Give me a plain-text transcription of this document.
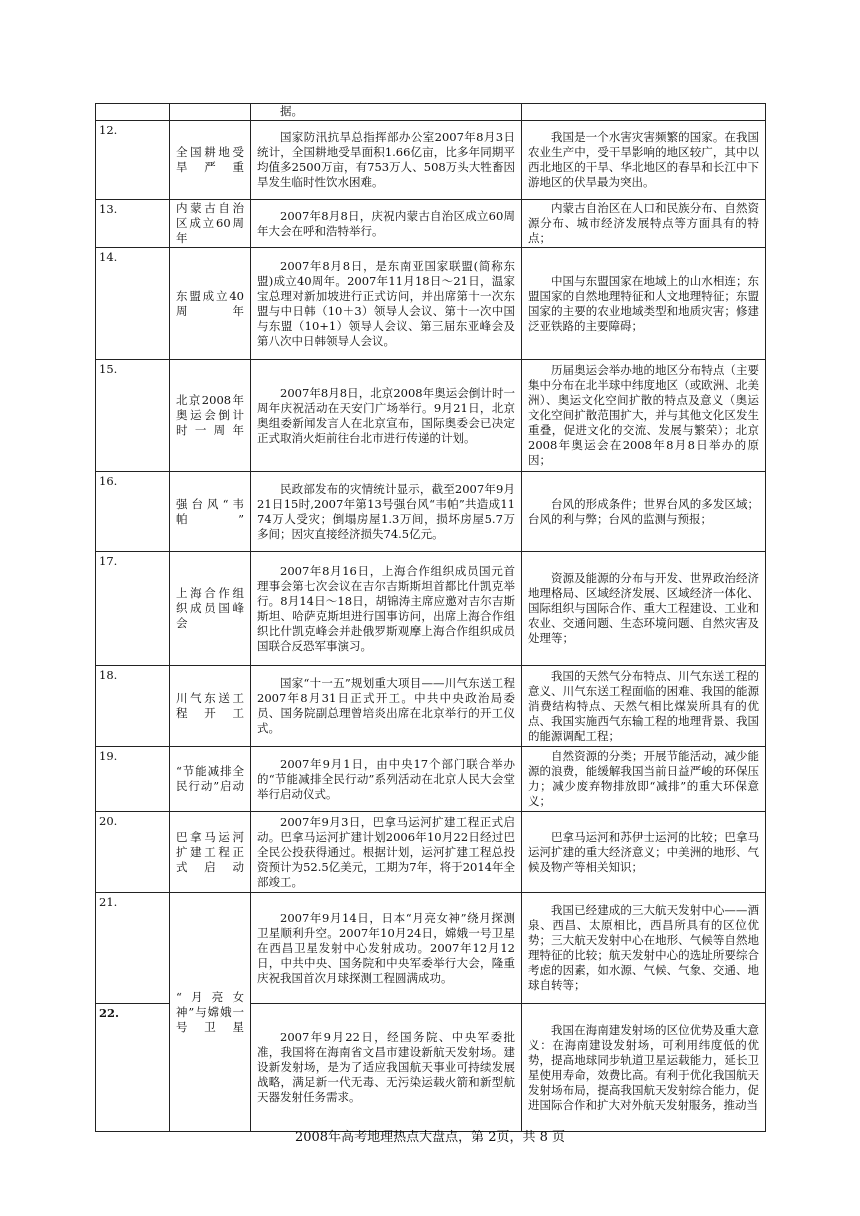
		据。	
12.	全国耕地受旱严重	国家防汛抗旱总指挥部办公室2007年8月3日统计，全国耕地受旱面积1.66亿亩，比多年同期平均值多2500万亩，有753万人、508万头大牲畜因旱发生临时性饮水困难。	我国是一个水害灾害频繁的国家。在我国农业生产中，受干旱影响的地区较广，其中以西北地区的干旱、华北地区的春旱和长江中下游地区的伏旱最为突出。
13.	内蒙古自治区成立60周年	2007年8月8日，庆祝内蒙古自治区成立60周年大会在呼和浩特举行。	内蒙古自治区在人口和民族分布、自然资源分布、城市经济发展特点等方面具有的特点；
14.	东盟成立40周年	2007年8月8日，是东南亚国家联盟(简称东盟)成立40周年。2007年11月18日～21日，温家宝总理对新加坡进行正式访问，并出席第十一次东盟与中日韩（10＋3）领导人会议、第十一次中国与东盟（10+1）领导人会议、第三届东亚峰会及第八次中日韩领导人会议。	中国与东盟国家在地域上的山水相连；东盟国家的自然地理特征和人文地理特征；东盟国家的主要的农业地域类型和地质灾害；修建泛亚铁路的主要障碍；
15.	北京2008年奥运会倒计时一周年	2007年8月8日，北京2008年奥运会倒计时一周年庆祝活动在天安门广场举行。9月21日，北京奥组委新闻发言人在北京宣布，国际奥委会已决定正式取消火炬前往台北市进行传递的计划。	历届奥运会举办地的地区分布特点（主要集中分布在北半球中纬度地区（或欧洲、北美洲）、奥运文化空间扩散的特点及意义（奥运文化空间扩散范围扩大，并与其他文化区发生重叠，促进文化的交流、发展与繁荣）；北京2008年奥运会在2008年8月8日举办的原因；
16.	强台风“韦帕”	民政部发布的灾情统计显示，截至2007年9月21日15时,2007年第13号强台风“韦帕”共造成1174万人受灾；倒塌房屋1.3万间，损坏房屋5.7万多间；因灾直接经济损失74.5亿元。	台风的形成条件；世界台风的多发区域；台风的利与弊；台风的监测与预报；
17.	上海合作组织成员国峰会	2007年8月16日，上海合作组织成员国元首理事会第七次会议在吉尔吉斯斯坦首都比什凯克举行。8月14日～18日，胡锦涛主席应邀对吉尔吉斯斯坦、哈萨克斯坦进行国事访问，出席上海合作组织比什凯克峰会并赴俄罗斯观摩上海合作组织成员国联合反恐军事演习。	资源及能源的分布与开发、世界政治经济地理格局、区域经济发展、区域经济一体化、国际组织与国际合作、重大工程建设、工业和农业、交通问题、生态环境问题、自然灾害及处理等；
18.	川气东送工程开工	国家“十一五”规划重大项目——川气东送工程2007年8月31日正式开工。中共中央政治局委员、国务院副总理曾培炎出席在北京举行的开工仪式。	我国的天然气分布特点、川气东送工程的意义、川气东送工程面临的困难、我国的能源消费结构特点、天然气相比煤炭所具有的优点、我国实施西气东输工程的地理背景、我国的能源调配工程；
19.	“节能减排全民行动”启动	2007年9月1日，由中央17个部门联合举办的“节能减排全民行动”系列活动在北京人民大会堂举行启动仪式。	自然资源的分类；开展节能活动，减少能源的浪费，能缓解我国当前日益严峻的环保压力；减少废弃物排放即“减排”的重大环保意义；
20.	巴拿马运河扩建工程正式启动	2007年9月3日，巴拿马运河扩建工程正式启动。巴拿马运河扩建计划2006年10月22日经过巴全民公投获得通过。根据计划，运河扩建工程总投资预计为52.5亿美元，工期为7年，将于2014年全部竣工。	巴拿马运河和苏伊士运河的比较；巴拿马运河扩建的重大经济意义；中美洲的地形、气候及物产等相关知识；
21.	“月亮女神”与嫦娥一号卫星	2007年9月14日，日本“月亮女神”绕月探测卫星顺利升空。2007年10月24日，嫦娥一号卫星在西昌卫星发射中心发射成功。2007年12月12日，中共中央、国务院和中央军委举行大会，隆重庆祝我国首次月球探测工程圆满成功。	我国已经建成的三大航天发射中心——酒泉、西昌、太原相比，西昌所具有的区位优势；三大航天发射中心在地形、气候等自然地理特征的比较；航天发射中心的选址所要综合考虑的因素，如水源、气候、气象、交通、地球自转等；
22.		2007年9月22日，经国务院、中央军委批准，我国将在海南省文昌市建设新航天发射场。建设新发射场，是为了适应我国航天事业可持续发展战略，满足新一代无毒、无污染运载火箭和新型航天器发射任务需求。	我国在海南建发射场的区位优势及重大意义：在海南建设发射场，可利用纬度低的优势，提高地球同步轨道卫星运载能力，延长卫星使用寿命，效费比高。有利于优化我国航天发射场布局，提高我国航天发射综合能力，促进国际合作和扩大对外航天发射服务，推动当
2008年高考地理热点大盘点，第 2页，共 8 页
